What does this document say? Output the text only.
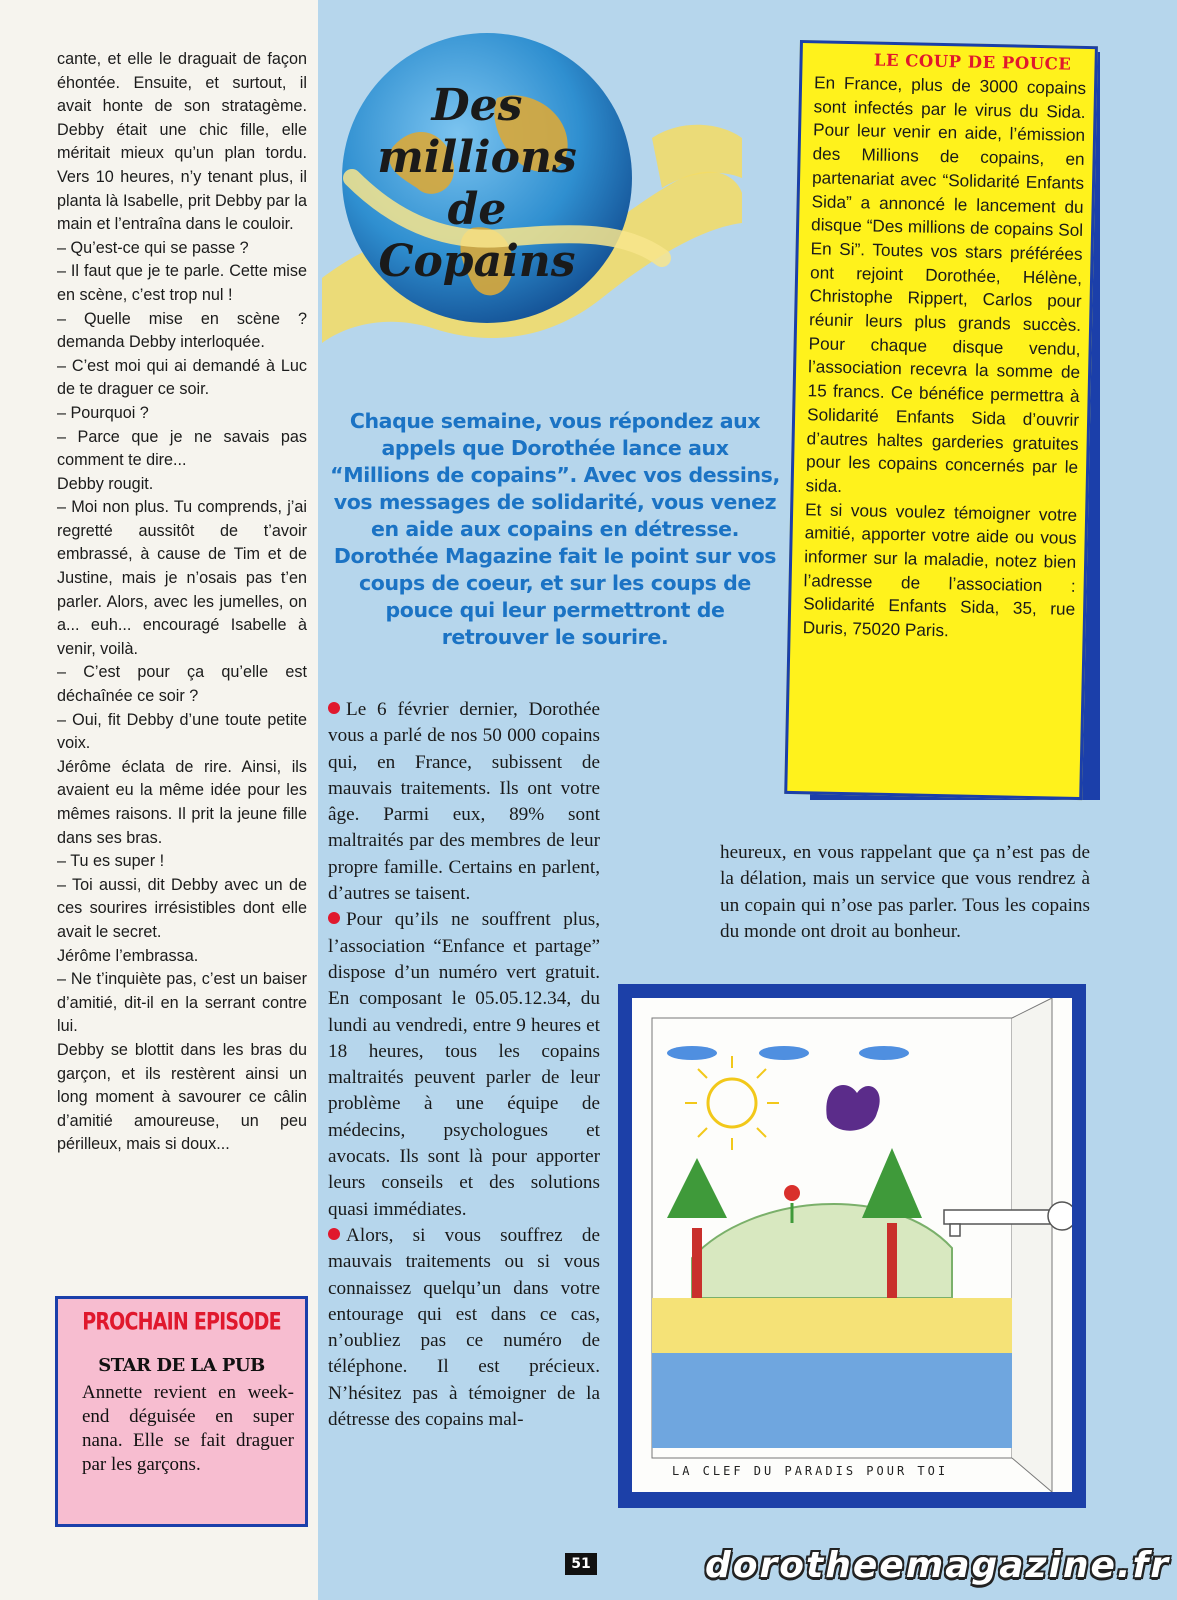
cante, et elle le draguait de façon éhontée. Ensuite, et surtout, il avait honte de son stratagème. Debby était une chic fille, elle méritait mieux qu’un plan tordu. Vers 10 heures, n’y tenant plus, il planta là Isabelle, prit Debby par la main et l’entraîna dans le couloir.

– Qu’est-ce qui se passe ?

– Il faut que je te parle. Cette mise en scène, c’est trop nul !

– Quelle mise en scène ? demanda Debby interloquée.

– C’est moi qui ai demandé à Luc de te draguer ce soir.

– Pourquoi ?

– Parce que je ne savais pas comment te dire...

Debby rougit.

– Moi non plus. Tu comprends, j’ai regretté aussitôt de t’avoir embrassé, à cause de Tim et de Justine, mais je n’osais pas t’en parler. Alors, avec les jumelles, on a... euh... encouragé Isabelle à venir, voilà.

– C’est pour ça qu’elle est déchaînée ce soir ?

– Oui, fit Debby d’une toute petite voix.

Jérôme éclata de rire. Ainsi, ils avaient eu la même idée pour les mêmes raisons. Il prit la jeune fille dans ses bras.

– Tu es super !

– Toi aussi, dit Debby avec un de ces sourires irrésistibles dont elle avait le secret.

Jérôme l’embrassa.

– Ne t’inquiète pas, c’est un baiser d’amitié, dit-il en la serrant contre lui.

Debby se blottit dans les bras du garçon, et ils restèrent ainsi un long moment à savourer ce câlin d’amitié amoureuse, un peu périlleux, mais si doux...

Des
millions
de
Copains
Chaque semaine, vous répondez aux appels que Dorothée lance aux “Millions de copains”. Avec vos dessins, vos messages de solidarité, vous venez en aide aux copains en détresse. Dorothée Magazine fait le point sur vos coups de coeur, et sur les coups de pouce qui leur permettront de retrouver le sourire.
LE COUP DE POUCE

En France, plus de 3000 copains sont infectés par le virus du Sida. Pour leur venir en aide, l’émission des Millions de copains, en partenariat avec “Solidarité Enfants Sida” a annoncé le lancement du disque “Des millions de copains Sol En Si”. Toutes vos stars préférées ont rejoint Dorothée, Hélène, Christophe Rippert, Carlos pour réunir leurs plus grands succès. Pour chaque disque vendu, l’association recevra la somme de 15 francs. Ce bénéfice permettra à Solidarité Enfants Sida d’ouvrir d’autres haltes garderies gratuites pour les copains concernés par le sida.

Et si vous voulez témoigner votre amitié, apporter votre aide ou vous informer sur la maladie, notez bien l’adresse de l’association : Solidarité Enfants Sida, 35, rue Duris, 75020 Paris.

Le 6 février dernier, Dorothée vous a parlé de nos 50 000 copains qui, en France, subissent de mauvais traitements. Ils ont votre âge. Parmi eux, 89% sont maltraités par des membres de leur propre famille. Certains en parlent, d’autres se taisent.

Pour qu’ils ne souffrent plus, l’association “Enfance et partage” dispose d’un numéro vert gratuit. En composant le 05.05.12.34, du lundi au vendredi, entre 9 heures et 18 heures, tous les copains maltraités peuvent parler de leur problème à une équipe de médecins, psychologues et avocats. Ils sont là pour apporter leurs conseils et des solutions quasi immédiates.

Alors, si vous souffrez de mauvais traitements ou si vous connaissez quelqu’un dans votre entourage qui est dans ce cas, n’oubliez pas ce numéro de téléphone. Il est précieux. N’hésitez pas à témoigner de la détresse des copains mal-

heureux, en vous rappelant que ça n’est pas de la délation, mais un service que vous rendrez à un copain qui n’ose pas parler. Tous les copains du monde ont droit au bonheur.

LA CLEF DU PARADIS POUR TOI
PROCHAIN EPISODE
STAR DE LA PUB
Annette revient en week-end déguisée en super nana. Elle se fait draguer par les garçons.
51	dorotheemagazine.fr
